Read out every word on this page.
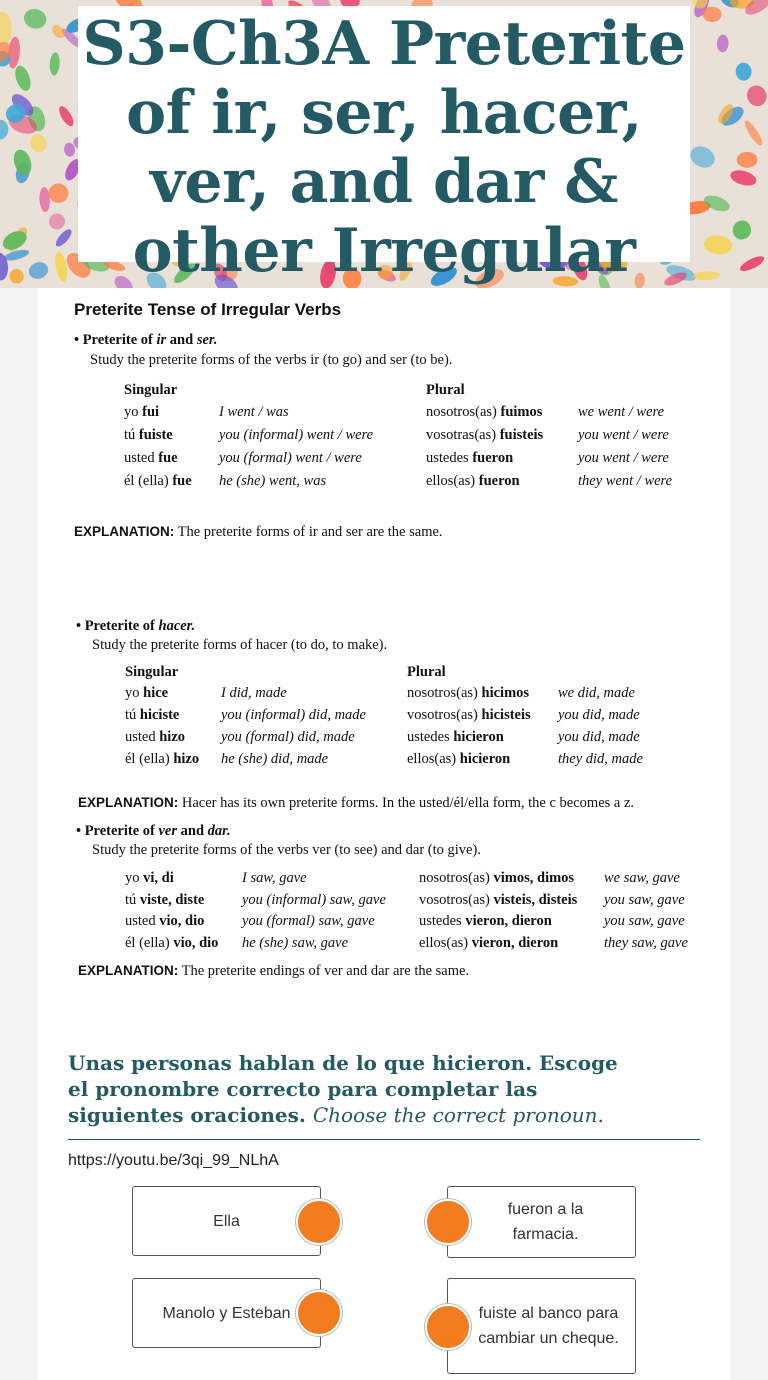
S3-Ch3A Preterite of ir, ser, hacer, ver, and dar & other Irregular
Preterite Tense of Irregular Verbs
• Preterite of ir and ser.
Study the preterite forms of the verbs ir (to go) and ser (to be).
Singular	Plural
yo fui	I went / was	nosotros(as) fuimos we went / were
tú fuiste	you (informal) went / were	vosotras(as) fuisteis you went / were
usted fue	you (formal) went / were	ustedes fueron	you went / were
él (ella) fue he (she) went, was	ellos(as) fueron	they went / were
EXPLANATION: The preterite forms of ir and ser are the same.
• Preterite of hacer.
Study the preterite forms of hacer (to do, to make).
Singular	Plural
yo hice	I did, made	nosotros(as) hicimos we did, made
tú hiciste	you (informal) did, made	vosotros(as) hicisteis you did, made
usted hizo you (formal) did, made	ustedes hicieron	you did, made
él (ella) hizo he (she) did, made	ellos(as) hicieron	they did, made
EXPLANATION: Hacer has its own preterite forms. In the usted/él/ella form, the c becomes a z.
• Preterite of ver and dar.
Study the preterite forms of the verbs ver (to see) and dar (to give).
yo vi, di	I saw, gave	nosotros(as) vimos, dimos we saw, gave
tú viste, diste	you (informal) saw, gave vosotros(as) visteis, disteis you saw, gave
usted vio, dio	you (formal) saw, gave	ustedes vieron, dieron	you saw, gave
él (ella) vio, dio he (she) saw, gave	ellos(as) vieron, dieron	they saw, gave
EXPLANATION: The preterite endings of ver and dar are the same.
Unas personas hablan de lo que hicieron. Escoge el pronombre correcto para completar las siguientes oraciones. Choose the correct pronoun.
https://youtu.be/3qi_99_NLhA
Ella
fueron a la farmacia.
Manolo y Esteban	fuiste al banco para cambiar un cheque.
